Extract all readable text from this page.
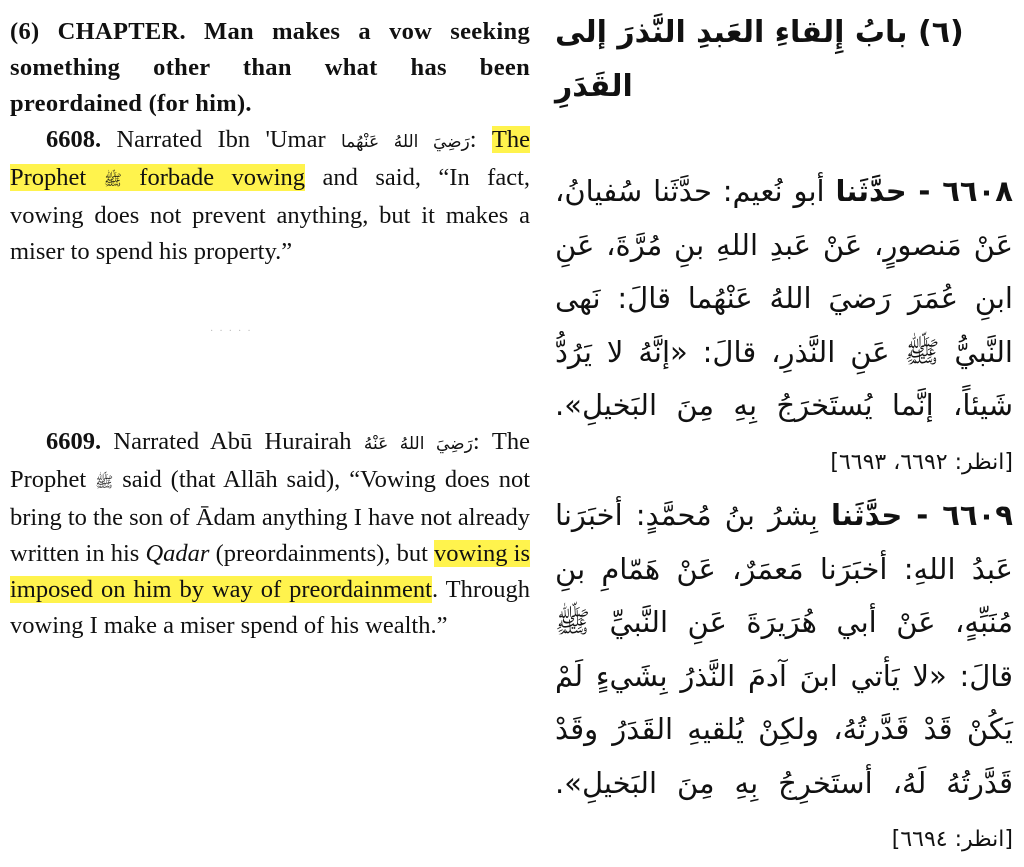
(6) CHAPTER. Man makes a vow seeking something other than what has been preordained (for him).
6608. Narrated Ibn 'Umar رَضِيَ اللهُ عَنْهُما: The Prophet ﷺ forbade vowing and said, “In fact, vowing does not prevent anything, but it makes a miser to spend his property.”
·····
6609. Narrated Abū Hurairah رَضِيَ اللهُ عَنْهُ: The Prophet ﷺ said (that Allāh said), “Vowing does not bring to the son of Ādam anything I have not already written in his Qadar (preordainments), but vowing is imposed on him by way of preordainment. Through vowing I make a miser spend of his wealth.”
(٦) بابُ إِلقاءِ العَبدِ النَّذرَ إلى القَدَرِ

٦٦٠٨ - حدَّثَنا أبو نُعيم: حدَّثَنا سُفيانُ، عَنْ مَنصورٍ، عَنْ عَبدِ اللهِ بنِ مُرَّةَ، عَنِ ابنِ عُمَرَ رَضيَ اللهُ عَنْهُما قالَ: نَهى النَّبيُّ ﷺ عَنِ النَّذرِ، قالَ: «إنَّهُ لا يَرُدُّ شَيئاً، إنَّما يُستَخرَجُ بِهِ مِنَ البَخيلِ». [انظر: ٦٦٩٢، ٦٦٩٣]

٦٦٠٩ - حدَّثَنا بِشرُ بنُ مُحمَّدٍ: أخبَرَنا عَبدُ اللهِ: أخبَرَنا مَعمَرٌ، عَنْ هَمّامِ بنِ مُنَبِّهٍ، عَنْ أبي هُرَيرَةَ عَنِ النَّبيِّ ﷺ قالَ: «لا يَأتي ابنَ آدمَ النَّذرُ بِشَيءٍ لَمْ يَكُنْ قَدْ قَدَّرتُهُ، ولكِنْ يُلقيهِ القَدَرُ وقَدْ قَدَّرتُهُ لَهُ، أستَخرِجُ بِهِ مِنَ البَخيلِ». [انظر: ٦٦٩٤]
